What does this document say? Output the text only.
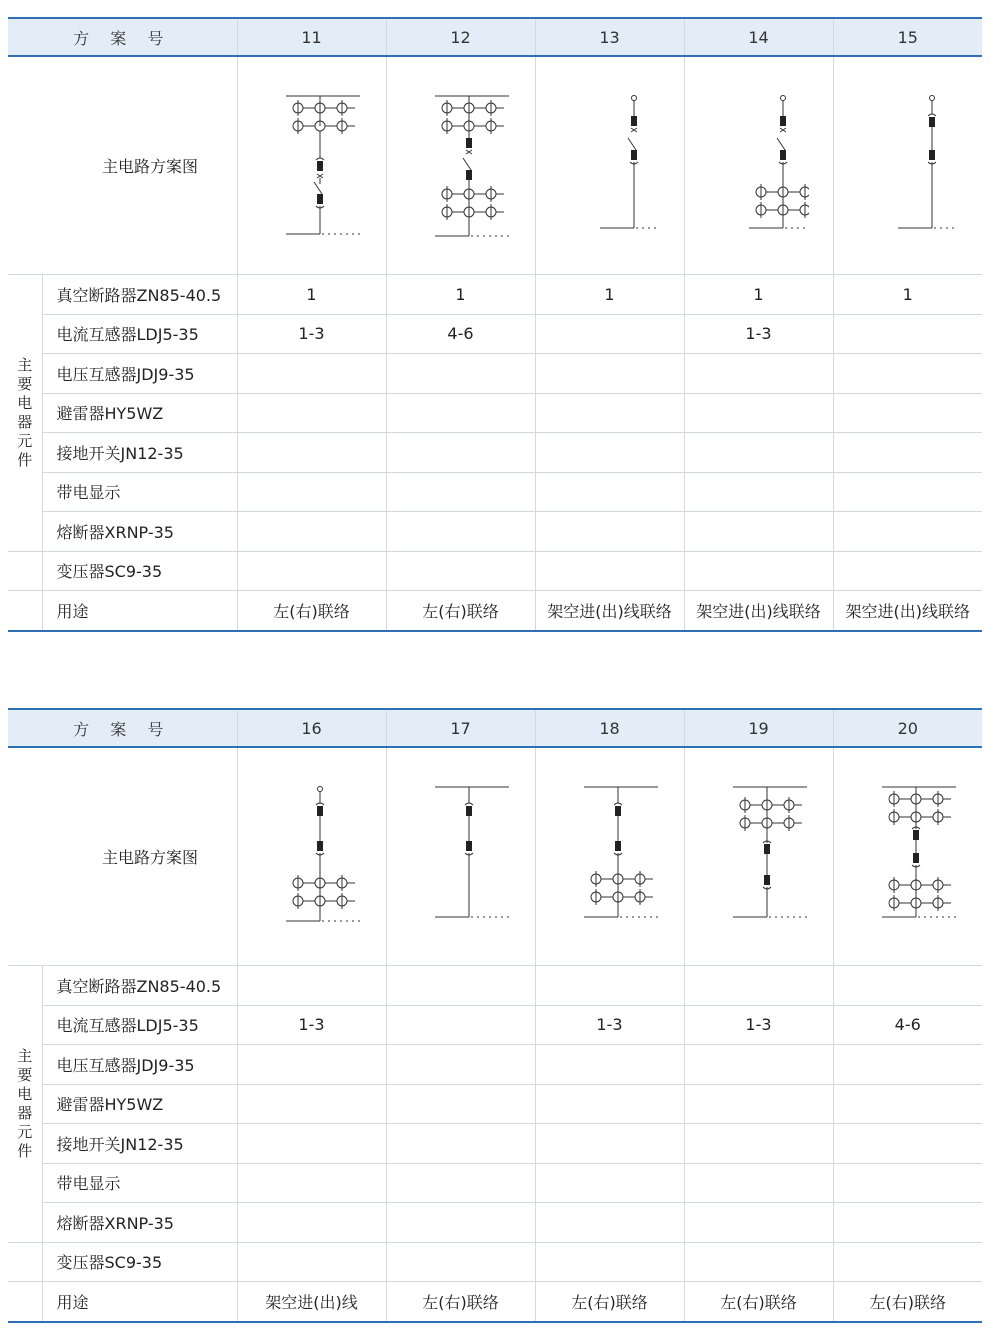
方 案 号		11	12	13	14	15
主电路方案图	

主要电器元件	真空断路器ZN85-40.5	1	1	1	1	1
	电流互感器LDJ5-35	1-3	4-6		1-3	
	电压互感器JDJ9-35					
	避雷器HY5WZ					
	接地开关JN12-35					
	带电显示					
	熔断器XRNP-35					
	变压器SC9-35					
	用途	左(右)联络	左(右)联络	架空进(出)线联络	架空进(出)线联络	架空进(出)线联络
方 案 号		16	17	18	19	20
主电路方案图	

主要电器元件	真空断路器ZN85-40.5					
	电流互感器LDJ5-35	1-3		1-3	1-3	4-6
	电压互感器JDJ9-35					
	避雷器HY5WZ					
	接地开关JN12-35					
	带电显示					
	熔断器XRNP-35					
	变压器SC9-35					
	用途	架空进(出)线	左(右)联络	左(右)联络	左(右)联络	左(右)联络
